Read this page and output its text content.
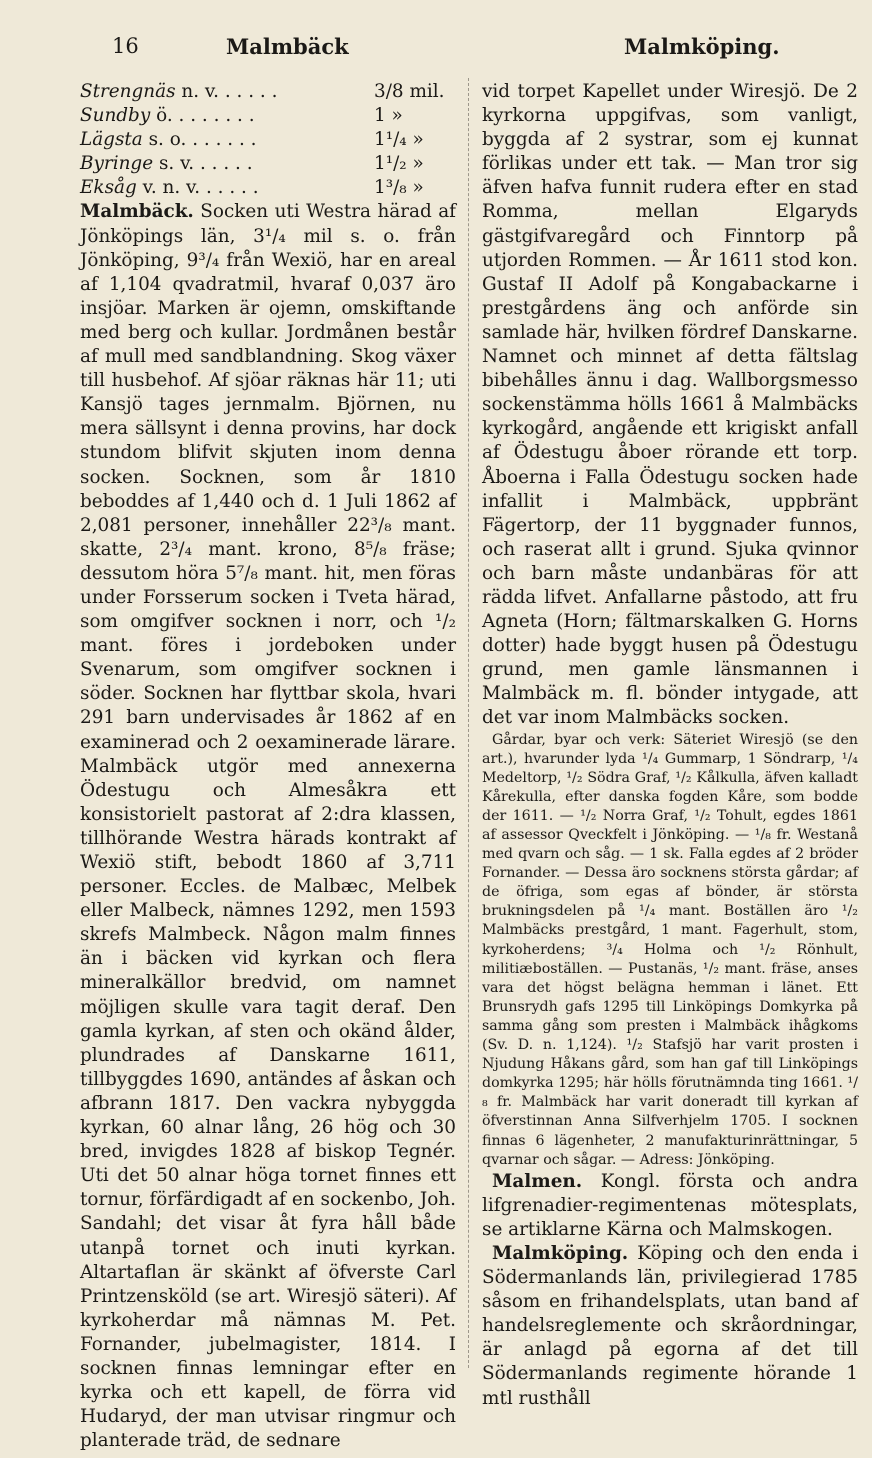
16	Malmbäck	Malmköping.
Strengnäs n. v. . . . . .	3/8 mil.
Sundby ö. . . . . . . .	1 »
Lägsta s. o. . . . . . .	1¹/₄ »
Byringe s. v. . . . . .	1¹/₂ »
Eksåg v. n. v. . . . . .	1³/₈ »

Malmbäck. Socken uti Westra härad af Jönköpings län, 3¹/₄ mil s. o. från Jönköping, 9³/₄ från Wexiö, har en areal af 1,104 qvadratmil, hvaraf 0,037 äro insjöar. Marken är ojemn, omskiftande med berg och kullar. Jordmånen består af mull med sandblandning. Skog växer till husbehof. Af sjöar räknas här 11; uti Kansjö tages jernmalm. Björnen, nu mera sällsynt i denna provins, har dock stundom blifvit skjuten inom denna socken. Socknen, som år 1810 beboddes af 1,440 och d. 1 Juli 1862 af 2,081 personer, innehåller 22³/₈ mant. skatte, 2³/₄ mant. krono, 8⁵/₈ fräse; dessutom höra 5⁷/₈ mant. hit, men föras under Forsserum socken i Tveta härad, som omgifver socknen i norr, och ¹/₂ mant. föres i jordeboken under Svenarum, som omgifver socknen i söder. Socknen har flyttbar skola, hvari 291 barn undervisades år 1862 af en examinerad och 2 oexaminerade lärare. Malmbäck utgör med annexerna Ödestugu och Almesåkra ett konsistorielt pastorat af 2:dra klassen, tillhörande Westra härads kontrakt af Wexiö stift, bebodt 1860 af 3,711 personer. Eccles. de Malbæc, Melbek eller Malbeck, nämnes 1292, men 1593 skrefs Malmbeck. Någon malm finnes än i bäcken vid kyrkan och flera mineralkällor bredvid, om namnet möjligen skulle vara tagit deraf. Den gamla kyrkan, af sten och okänd ålder, plundrades af Danskarne 1611, tillbyggdes 1690, antändes af åskan och afbrann 1817. Den vackra nybyggda kyrkan, 60 alnar lång, 26 hög och 30 bred, invigdes 1828 af biskop Tegnér. Uti det 50 alnar höga tornet finnes ett tornur, förfärdigadt af en sockenbo, Joh. Sandahl; det visar åt fyra håll både utanpå tornet och inuti kyrkan. Altartaflan är skänkt af öfverste Carl Printzensköld (se art. Wiresjö säteri). Af kyrkoherdar må nämnas M. Pet. Fornander, jubelmagister, 1814. I socknen finnas lemningar efter en kyrka och ett kapell, de förra vid Hudaryd, der man utvisar ringmur och planterade träd, de sednare

vid torpet Kapellet under Wiresjö. De 2 kyrkorna uppgifvas, som vanligt, byggda af 2 systrar, som ej kunnat förlikas under ett tak. — Man tror sig äfven hafva funnit rudera efter en stad Romma, mellan Elgaryds gästgifvaregård och Finntorp på utjorden Rommen. — År 1611 stod kon. Gustaf II Adolf på Kongabackarne i prestgårdens äng och anförde sin samlade här, hvilken fördref Danskarne. Namnet och minnet af detta fältslag bibehålles ännu i dag. Wallborgsmesso sockenstämma hölls 1661 å Malmbäcks kyrkogård, angående ett krigiskt anfall af Ödestugu åboer rörande ett torp. Åboerna i Falla Ödestugu socken hade infallit i Malmbäck, uppbränt Fägertorp, der 11 byggnader funnos, och raserat allt i grund. Sjuka qvinnor och barn måste undanbäras för att rädda lifvet. Anfallarne påstodo, att fru Agneta (Horn; fältmarskalken G. Horns dotter) hade byggt husen på Ödestugu grund, men gamle länsmannen i Malmbäck m. fl. bönder intygade, att det var inom Malmbäcks socken.

Gårdar, byar och verk: Säteriet Wiresjö (se den art.), hvarunder lyda ¹/₄ Gummarp, 1 Söndrarp, ¹/₄ Medeltorp, ¹/₂ Södra Graf, ¹/₂ Kålkulla, äfven kalladt Kårekulla, efter danska fogden Kåre, som bodde der 1611. — ¹/₂ Norra Graf, ¹/₂ Tohult, egdes 1861 af assessor Qveckfelt i Jönköping. — ¹/₈ fr. Westanå med qvarn och såg. — 1 sk. Falla egdes af 2 bröder Fornander. — Dessa äro socknens största gårdar; af de öfriga, som egas af bönder, är största brukningsdelen på ¹/₄ mant. Boställen äro ¹/₂ Malmbäcks prestgård, 1 mant. Fagerhult, stom, kyrkoherdens; ³/₄ Holma och ¹/₂ Rönhult, militiæboställen. — Pustanäs, ¹/₂ mant. fräse, anses vara det högst belägna hemman i länet. Ett Brunsrydh gafs 1295 till Linköpings Domkyrka på samma gång som presten i Malmbäck ihågkoms (Sv. D. n. 1,124). ¹/₂ Stafsjö har varit prosten i Njudung Håkans gård, som han gaf till Linköpings domkyrka 1295; här hölls förutnämnda ting 1661. ¹/₈ fr. Malmbäck har varit doneradt till kyrkan af öfverstinnan Anna Silfverhjelm 1705. I socknen finnas 6 lägenheter, 2 manufakturinrättningar, 5 qvarnar och sågar. — Adress: Jönköping.

Malmen. Kongl. första och andra lifgrenadier-regimentenas mötesplats, se artiklarne Kärna och Malmskogen.

Malmköping. Köping och den enda i Södermanlands län, privilegierad 1785 såsom en frihandelsplats, utan band af handelsreglemente och skråordningar, är anlagd på egorna af det till Södermanlands regimente hörande 1 mtl rusthåll
